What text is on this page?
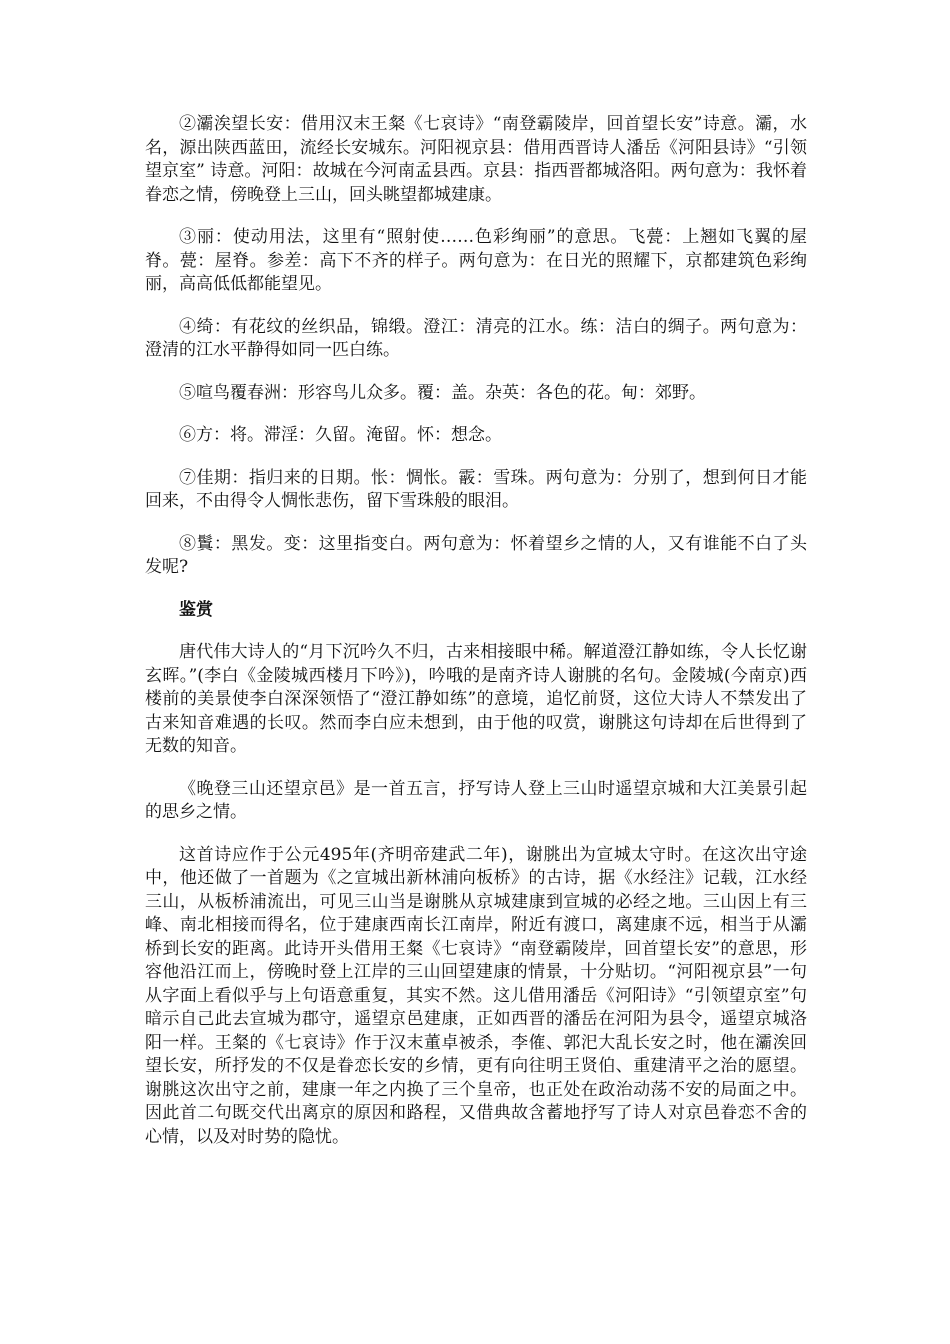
②灞涘望长安：借用汉末王粲《七哀诗》“南登霸陵岸，回首望长安”诗意。灞，水名，源出陕西蓝田，流经长安城东。河阳视京县：借用西晋诗人潘岳《河阳县诗》“引领望京室” 诗意。河阳：故城在今河南孟县西。京县：指西晋都城洛阳。两句意为：我怀着眷恋之情，傍晚登上三山，回头眺望都城建康。

③丽：使动用法，这里有“照射使……色彩绚丽”的意思。飞甍：上翘如飞翼的屋脊。甍：屋脊。参差：高下不齐的样子。两句意为：在日光的照耀下，京都建筑色彩绚丽，高高低低都能望见。

④绮：有花纹的丝织品，锦缎。澄江：清亮的江水。练：洁白的绸子。两句意为：澄清的江水平静得如同一匹白练。

⑤喧鸟覆春洲：形容鸟儿众多。覆：盖。杂英：各色的花。甸：郊野。

⑥方：将。滞淫：久留。淹留。怀：想念。

⑦佳期：指归来的日期。怅：惆怅。霰：雪珠。两句意为：分别了，想到何日才能回来，不由得令人惆怅悲伤，留下雪珠般的眼泪。

⑧鬒：黑发。变：这里指变白。两句意为：怀着望乡之情的人，又有谁能不白了头发呢?

鉴赏

唐代伟大诗人的“月下沉吟久不归，古来相接眼中稀。解道澄江静如练，令人长忆谢玄晖。”(李白《金陵城西楼月下吟》)，吟哦的是南齐诗人谢朓的名句。金陵城(今南京)西楼前的美景使李白深深领悟了“澄江静如练”的意境，追忆前贤，这位大诗人不禁发出了古来知音难遇的长叹。然而李白应未想到，由于他的叹赏，谢朓这句诗却在后世得到了无数的知音。

《晚登三山还望京邑》是一首五言，抒写诗人登上三山时遥望京城和大江美景引起的思乡之情。

这首诗应作于公元495年(齐明帝建武二年)，谢朓出为宣城太守时。在这次出守途中，他还做了一首题为《之宣城出新林浦向板桥》的古诗，据《水经注》记载，江水经三山，从板桥浦流出，可见三山当是谢朓从京城建康到宣城的必经之地。三山因上有三峰、南北相接而得名，位于建康西南长江南岸，附近有渡口，离建康不远，相当于从灞桥到长安的距离。此诗开头借用王粲《七哀诗》“南登霸陵岸，回首望长安”的意思，形容他沿江而上，傍晚时登上江岸的三山回望建康的情景，十分贴切。“河阳视京县”一句从字面上看似乎与上句语意重复，其实不然。这儿借用潘岳《河阳诗》“引领望京室”句暗示自己此去宣城为郡守，遥望京邑建康，正如西晋的潘岳在河阳为县令，遥望京城洛阳一样。王粲的《七哀诗》作于汉末董卓被杀，李傕、郭汜大乱长安之时，他在灞涘回望长安，所抒发的不仅是眷恋长安的乡情，更有向往明王贤伯、重建清平之治的愿望。谢朓这次出守之前，建康一年之内换了三个皇帝，也正处在政治动荡不安的局面之中。因此首二句既交代出离京的原因和路程，又借典故含蓄地抒写了诗人对京邑眷恋不舍的心情，以及对时势的隐忧。
